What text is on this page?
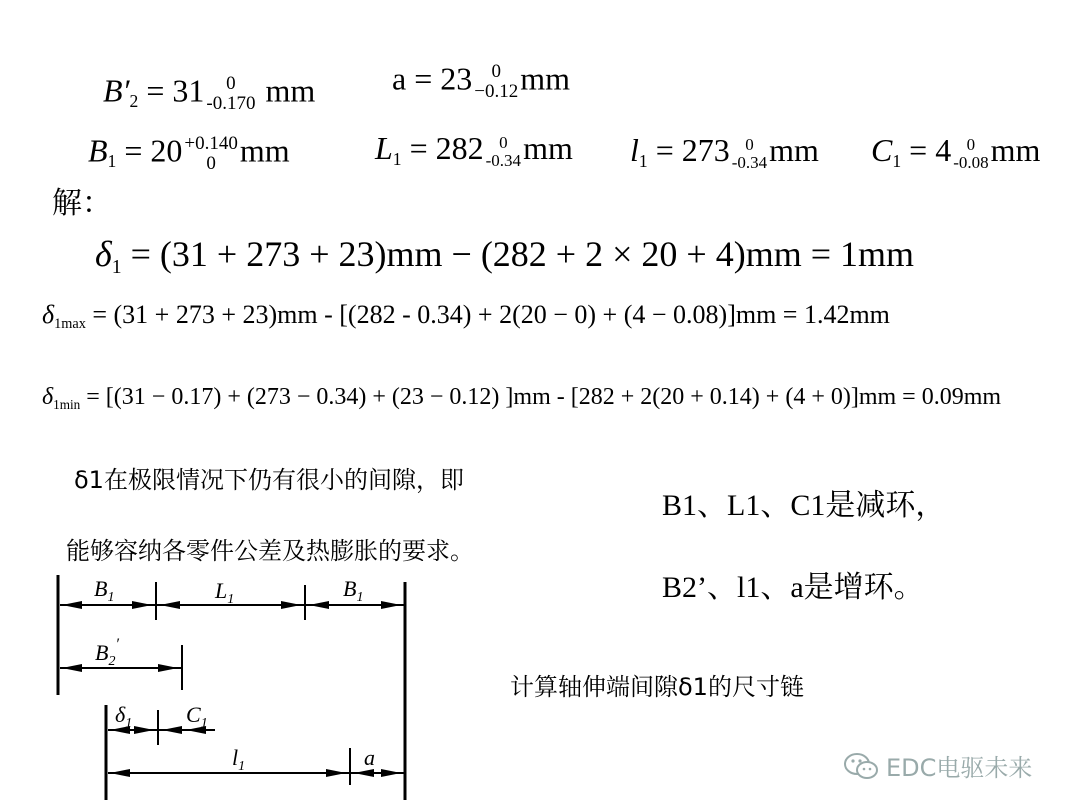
B′2 = 31	0
-0.170 mm a = 23	0
−0.12 mm
B1 = 20 +0.140
0 mm	L1 = 282 0
-0.34 mm l1 = 273 0
-0.34 mm C1 = 4 0
-0.08 mm
解：
δ1 = (31 + 273 + 23)mm − (282 + 2 × 20 + 4)mm = 1mm
δ1max = (31 + 273 + 23)mm - [(282 - 0.34) + 2(20 − 0) + (4 − 0.08)]mm = 1.42mm
δ1min = [(31 − 0.17) + (273 − 0.34) + (23 − 0.12) ]mm - [282 + 2(20 + 0.14) + (4 + 0)]mm = 0.09mm
δ1在极限情况下仍有很小的间隙，即
能够容纳各零件公差及热膨胀的要求。
B1、L1、C1是减环，
B2’、l1、a是增环。
计算轴伸端间隙δ1的尺寸链
$B_1$	$L_1$	$B_1$
$B_2'$
$\delta_1$ $C_1$
$l_1$	a	EDC电驱未来
